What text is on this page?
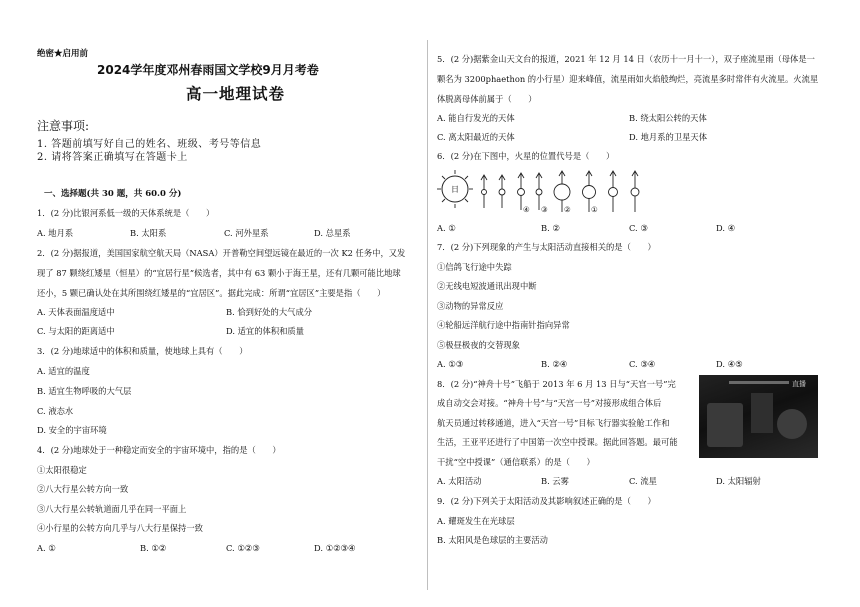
绝密★启用前
2024学年度邓州春雨国文学校9月月考卷
高一地理试卷
注意事项:
1. 答题前填写好自己的姓名、班级、考号等信息
2. 请将答案正确填写在答题卡上
一、选择题(共 30 题，共 60.0 分)
1．(2 分)比银河系低一级的天体系统是（　　）
A. 地月系	B. 太阳系	C. 河外星系	D. 总星系
2．(2 分)据报道，美国国家航空航天局（NASA）开普勒空间望远镜在最近的一次 K2 任务中，又发
现了 87 颗绕红矮星（恒星）的“宜居行星”候选者，其中有 63 颗小于海王星，还有几颗可能比地球
还小，5 颗已确认处在其所围绕红矮星的“宜居区”。据此完成：所谓“宜居区”主要是指（　　）
A. 天体表面温度适中	B. 恰到好处的大气成分
C. 与太阳的距离适中	D. 适宜的体积和质量
3．(2 分)地球适中的体积和质量，使地球上具有（　　）
A. 适宜的温度
B. 适宜生物呼吸的大气层
C. 液态水
D. 安全的宇宙环境
4．(2 分)地球处于一种稳定而安全的宇宙环境中，指的是（　　）
①太阳很稳定
②八大行星公转方向一致
③八大行星公转轨道面几乎在同一平面上
④小行星的公转方向几乎与八大行星保持一致
A. ①	B. ①②	C. ①②③	D. ①②③④
5．(2 分)据紫金山天文台的报道，2021 年 12 月 14 日（农历十一月十一），双子座流星雨（母体是一
颗名为 3200phaethon 的小行星）迎来峰值，流星雨如火焰般绚烂，亮流星多时常伴有火流星。火流星
体脱离母体前属于（　　）
A. 能自行发光的天体	B. 绕太阳公转的天体
C. 离太阳最近的天体	D. 地月系的卫星天体
6．(2 分)在下图中，火星的位置代号是（　　）
日
④ ③ ②	①
A. ①	B. ②	C. ③	D. ④
7．(2 分)下列现象的产生与太阳活动直接相关的是（　　）
①信鸽飞行途中失踪
②无线电短波通讯出现中断
③动物的异常反应
④轮船远洋航行途中指南针指向异常
⑤极昼极夜的交替现象
A. ①③	B. ②④	C. ③④	D. ④⑤
8．(2 分)“神舟十号”飞船于 2013 年 6 月 13 日与“天宫一号”完
成自动交会对接。“神舟十号”与“天宫一号”对接形成组合体后
航天员通过转移通道，进入“天宫一号”目标飞行器实验舱工作和
生活，王亚平还进行了中国第一次空中授课。据此回答题。最可能
干扰“空中授课”（通信联系）的是（　　）
直播
A. 太阳活动	B. 云雾	C. 流星	D. 太阳辐射
9．(2 分)下列关于太阳活动及其影响叙述正确的是（　　）
A. 耀斑发生在光球层
B. 太阳风是色球层的主要活动
